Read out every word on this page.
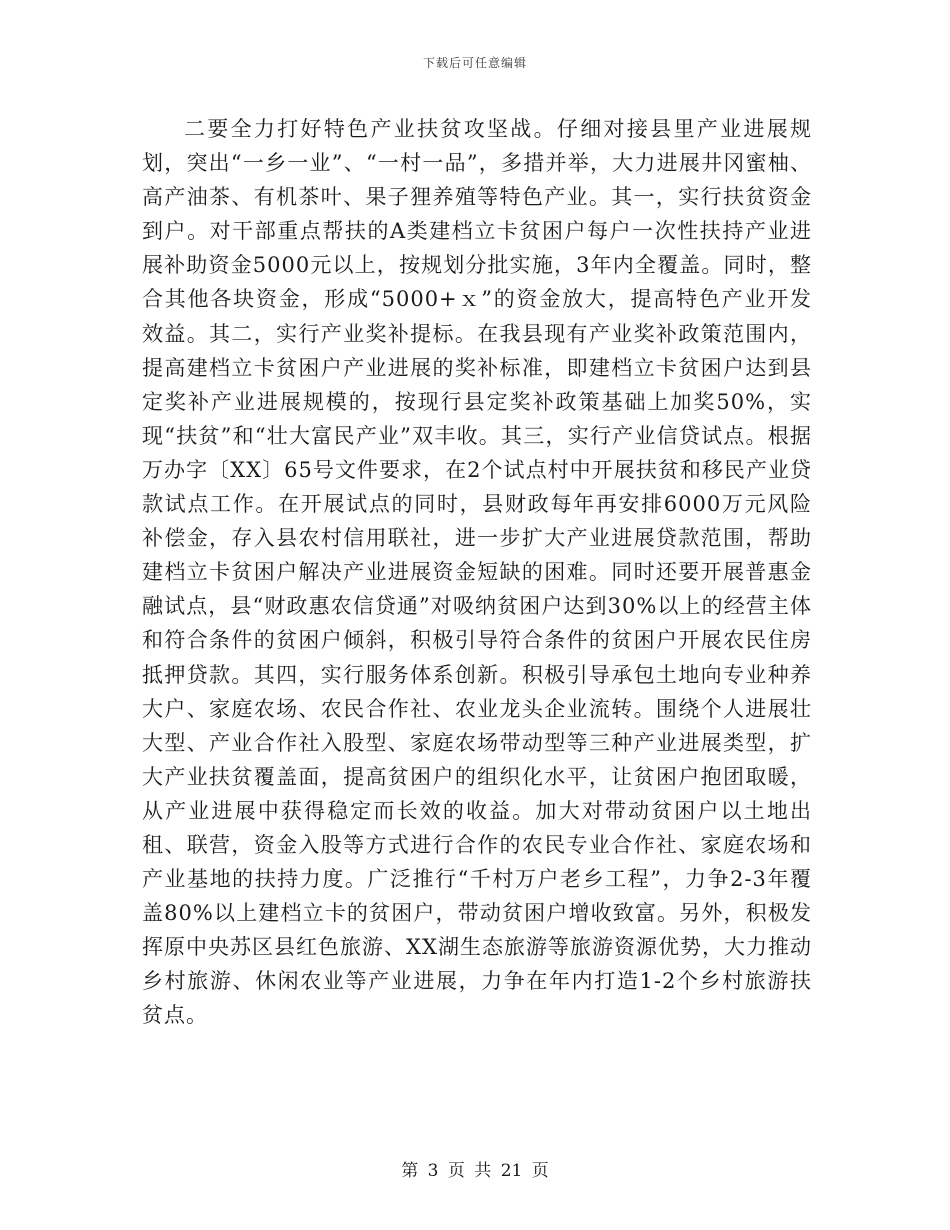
下载后可任意编辑

二要全力打好特色产业扶贫攻坚战。仔细对接县里产业进展规划，突出“一乡一业”、“一村一品”，多措并举，大力进展井冈蜜柚、高产油茶、有机茶叶、果子狸养殖等特色产业。其一，实行扶贫资金到户。对干部重点帮扶的A类建档立卡贫困户每户一次性扶持产业进展补助资金5000元以上，按规划分批实施，3年内全覆盖。同时，整合其他各块资金，形成“5000+ｘ”的资金放大，提高特色产业开发效益。其二，实行产业奖补提标。在我县现有产业奖补政策范围内，提高建档立卡贫困户产业进展的奖补标准，即建档立卡贫困户达到县定奖补产业进展规模的，按现行县定奖补政策基础上加奖50%，实现“扶贫”和“壮大富民产业”双丰收。其三，实行产业信贷试点。根据万办字〔XX〕65号文件要求，在2个试点村中开展扶贫和移民产业贷款试点工作。在开展试点的同时，县财政每年再安排6000万元风险补偿金，存入县农村信用联社，进一步扩大产业进展贷款范围，帮助建档立卡贫困户解决产业进展资金短缺的困难。同时还要开展普惠金融试点，县“财政惠农信贷通”对吸纳贫困户达到30%以上的经营主体和符合条件的贫困户倾斜，积极引导符合条件的贫困户开展农民住房抵押贷款。其四，实行服务体系创新。积极引导承包土地向专业种养大户、家庭农场、农民合作社、农业龙头企业流转。围绕个人进展壮大型、产业合作社入股型、家庭农场带动型等三种产业进展类型，扩大产业扶贫覆盖面，提高贫困户的组织化水平，让贫困户抱团取暖，从产业进展中获得稳定而长效的收益。加大对带动贫困户以土地出租、联营，资金入股等方式进行合作的农民专业合作社、家庭农场和产业基地的扶持力度。广泛推行“千村万户老乡工程”，力争2-3年覆盖80%以上建档立卡的贫困户，带动贫困户增收致富。另外，积极发挥原中央苏区县红色旅游、XX湖生态旅游等旅游资源优势，大力推动乡村旅游、休闲农业等产业进展，力争在年内打造1-2个乡村旅游扶贫点。

第 3 页 共 21 页
